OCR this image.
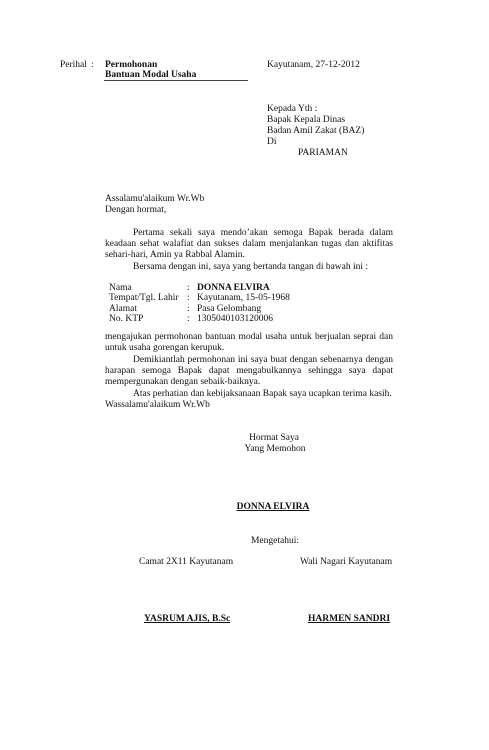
Perihal : Permohonan
Bantuan Modal Usaha
Kayutanam, 27-12-2012
Kepada Yth :
Bapak Kepala Dinas
Badan Amil Zakat (BAZ)
Di
PARIAMAN
Assalamu'alaikum Wr.Wb
Dengan hormat,
Pertama sekali saya mendo’akan semoga Bapak berada dalam keadaan sehat walafiat dan sukses dalam menjalankan tugas dan aktifitas sehari-hari, Amin ya Rabbal Alamin.
Bersama dengan ini, saya yang bertanda tangan di bawah ini :
Nama	:	DONNA ELVIRA
Tempat/Tgl. Lahir	:	Kayutanam, 15-05-1968
Alamat	:	Pasa Gelombang
No. KTP	:	1305040103120006
mengajukan permohonan bantuan modal usaha untuk berjualan seprai dan untuk usaha gorengan kerupuk.
Demikiantlah permohonan ini saya buat dengan sebenarnya dengan harapan semoga Bapak dapat mengabulkannya sehingga saya dapat mempergunakan dengan sebaik-baiknya.
Atas perhatian dan kebijaksanaan Bapak saya ucapkan terima kasih.
Wassalamu'alaikum Wr.Wb
Hormat Saya
Yang Memohon
DONNA ELVIRA
Mengetahui:
Camat 2X11 Kayutanam	Wali Nagari Kayutanam
YASRUM AJIS, B.Sc	HARMEN SANDRI
